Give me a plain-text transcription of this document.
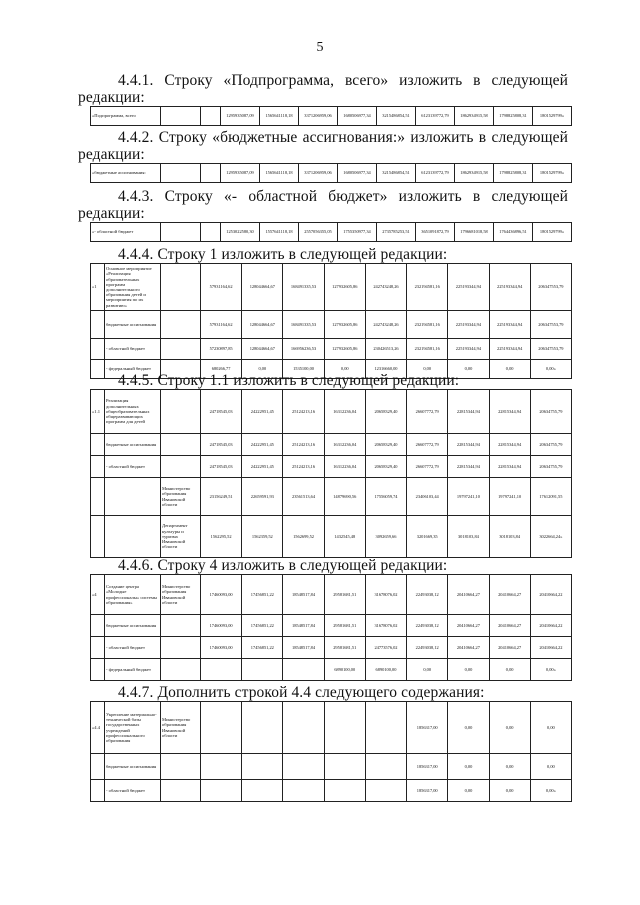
5
4.4.1. Строку «Подпрограмма, всего» изложить в следующей
редакции:
«Подпрограмма, всего			1295935087,09	1565641118,18	3371206959,06	1680506977,34	3215486854,51	6123139772,79	1862934915,58	1798825808,31	1801529799»
4.4.2. Строку «бюджетные ассигнования:» изложить в следующей
редакции:
«бюджетные ассигнования:			1295935087,09	1565641118,18	3371206959,06	1680506977,34	3215486854,51	6123139772,79	1862934915,58	1798825808,31	1801529799»
4.4.3. Строку «- областной бюджет» изложить в следующей
редакции:
«- областной бюджет			1253022580,30	1557641118,18	2557056355,05	1755350977,34	2735785253,51	3651091872,79	1796681018,58	1764436896,51	1801529799»
4.4.4. Строку 1 изложить в следующей редакции:
«1	Основное мероприятие «Реализация образовательных программ дополнительного образования детей и мероприятия по их развитию»		57931164,62	128044664,67	168491335,53	127932605,86	242743248,26	232194581,16	225193344,94	225193344,94	206347553,79
	бюджетные ассигнования		57931164,62	128044664,67	168491335,53	127932605,86	242743248,26	232194581,16	225193344,94	225193344,94	206347553,79
	- областной бюджет		57230897,85	128044664,67	166956236,53	127932605,86	230426513,26	232194581,16	225193344,94	225193344,94	206347553,79
	- федеральный бюджет		680266,77	0,00	1535100,00	0,00	12316660,00	0,00	0,00	0,00	0,00»
4.4.5. Строку 1.1 изложить в следующей редакции:
«1.1	Реализация дополнительных общеобразовательных общеразвивающих программ для детей		24718545,03	24222951,45	25124213,16	16312236,04	20658329,40	26607772,79	22815344,94	22815344,94	20634755,79
	бюджетные ассигнования		24718545,03	24222951,45	25124213,16	16312236,04	20658329,40	26607772,79	22815344,94	22815344,94	20634755,79
	- областной бюджет		24718545,03	24222951,45	25124213,16	16312236,04	20658329,40	26607772,79	22815344,94	22815344,94	20634755,79
		Министерство образования Ивановской области	23156249,51	22659591,93	23561513,64	14879690,56	17556059,74	23406103,44	19797241,10	19797241,10	17612091,55
		Департамент культуры и туризма Ивановской области	1562295,52	1562359,52	1562699,52	1432545,48	3092659,66	3201669,35	3018103,84	3018103,84	3022664,24»
4.4.6. Строку 4 изложить в следующей редакции:
«4	Создание центра «Молодые профессионалы» системы образования»	Министерство образования Ивановской области	17460093,00	17456851,22	18548517,84	29581681,51	31678076,02	22493038,12	20410664,27	20410664,27	20410664,22
	бюджетные ассигнования		17460093,00	17456851,22	18548517,84	29581681,51	31678076,02	22493038,12	20410664,27	20410664,27	20410664,22
	- областной бюджет		17460093,00	17456851,22	18548517,84	29581681,51	24773576,02	22493038,12	20410664,27	20410664,27	20410664,22
	- федеральный бюджет					6890100,00	6890100,00	0,00	0,00	0,00	0,00»
4.4.7. Дополнить строкой 4.4 следующего содержания:
«4.4	Укрепление материально-технической базы государственных учреждений профессионального образования	Министерство образования Ивановской области						1856317,00	0,00	0,00	0,00
	бюджетные ассигнования							1856317,00	0,00	0,00	0,00
	- областной бюджет							1856317,00	0,00	0,00	0,00»
